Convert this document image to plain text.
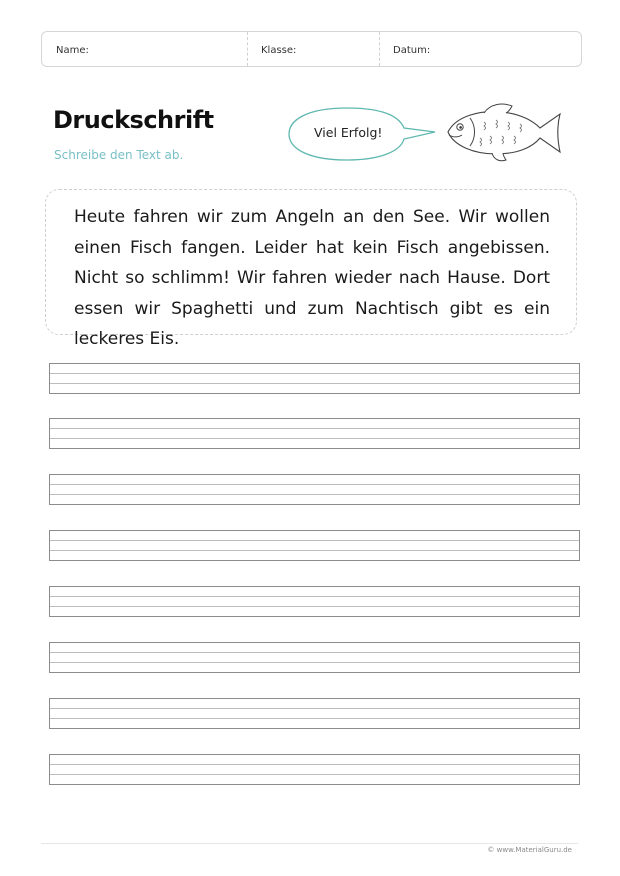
Name:	Klasse:	Datum:
Druckschrift
Schreibe den Text ab.
Viel Erfolg!

Heute fahren wir zum Angeln an den See. Wir wollen einen Fisch fangen. Leider hat kein Fisch angebissen. Nicht so schlimm! Wir fahren wieder nach Hause. Dort essen wir Spaghetti und zum Nachtisch gibt es ein leckeres Eis.

© www.MaterialGuru.de
